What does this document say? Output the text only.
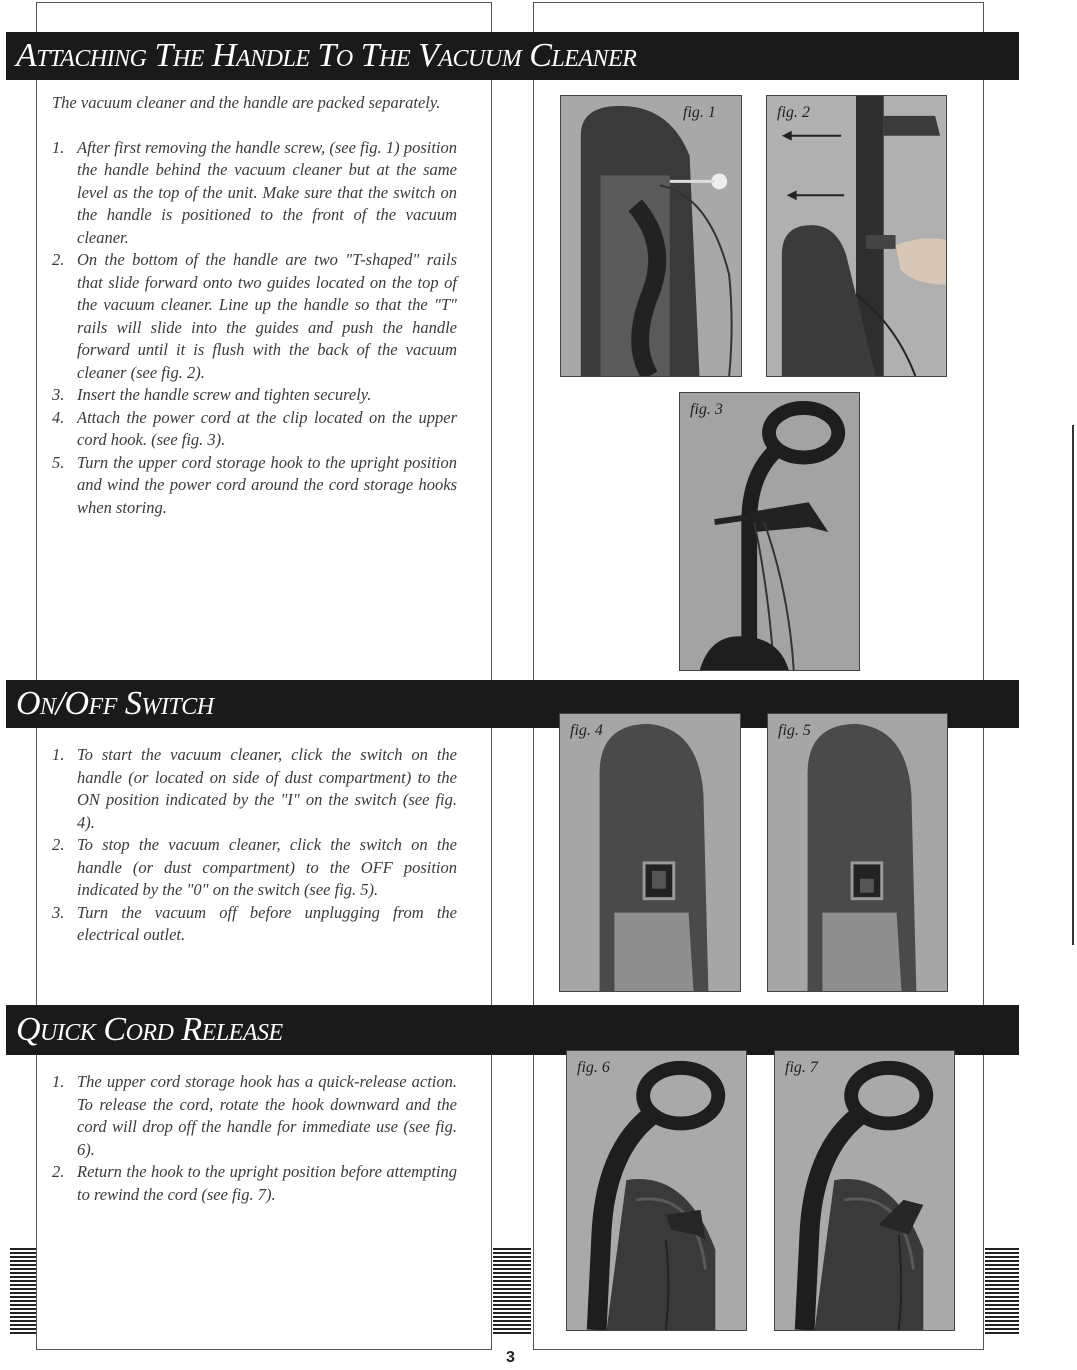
Attaching The Handle To The Vacuum Cleaner

The vacuum cleaner and the handle are packed separately.

1. After first removing the handle screw, (see fig. 1) position the handle behind the vacuum cleaner but at the same level as the top of the unit. Make sure that the switch on the handle is positioned to the front of the vacuum cleaner.
2. On the bottom of the handle are two "T-shaped" rails that slide forward onto two guides located on the top of the vacuum cleaner. Line up the handle so that the "T" rails will slide into the guides and push the handle forward until it is flush with the back of the vacuum cleaner (see fig. 2).
3. Insert the handle screw and tighten securely.
4. Attach the power cord at the clip located on the upper cord hook. (see fig. 3).
5. Turn the upper cord storage hook to the upright position and wind the power cord around the cord storage hooks when storing.
fig. 1	fig. 2
fig. 3
On/Off Switch
1. To start the vacuum cleaner, click the switch on the handle (or located on side of dust compartment) to the ON position indicated by the "I" on the switch (see fig. 4).
2. To stop the vacuum cleaner, click the switch on the handle (or dust compartment) to the OFF position indicated by the "0" on the switch (see fig. 5).
3. Turn the vacuum off before unplugging from the electrical outlet.
fig. 4	fig. 5
Quick Cord Release
1. The upper cord storage hook has a quick-release action. To release the cord, rotate the hook downward and the cord will drop off the handle for immediate use (see fig. 6).
2. Return the hook to the upright position before attempting to rewind the cord (see fig. 7).
fig. 6	fig. 7
3
